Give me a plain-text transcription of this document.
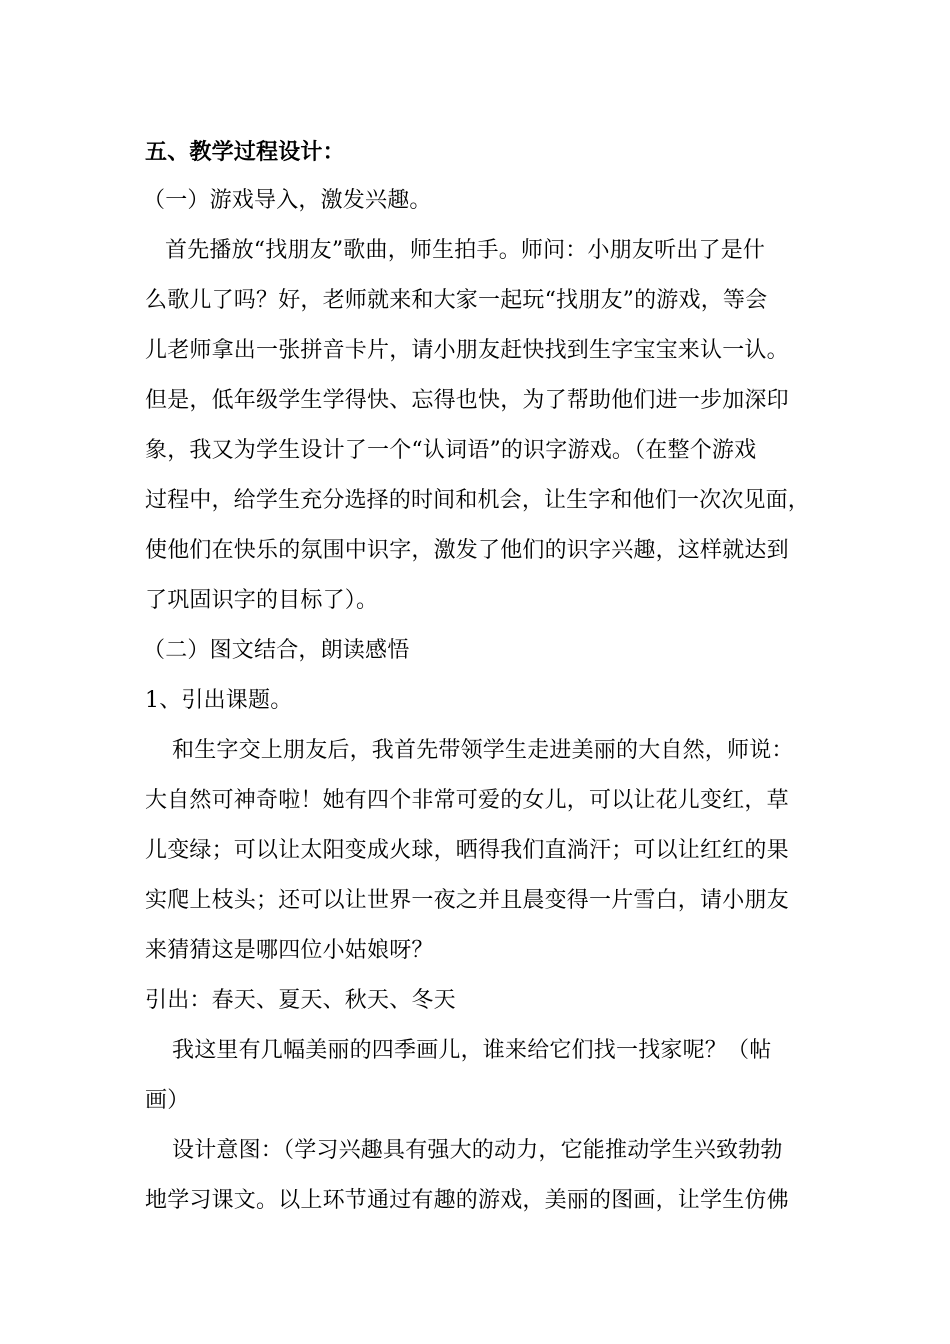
五、教学过程设计：
（一）游戏导入，激发兴趣。
首先播放“找朋友”歌曲，师生拍手。师问：小朋友听出了是什
么歌儿了吗？好，老师就来和大家一起玩“找朋友”的游戏，等会
儿老师拿出一张拼音卡片，请小朋友赶快找到生字宝宝来认一认。
但是，低年级学生学得快、忘得也快，为了帮助他们进一步加深印
象，我又为学生设计了一个“认词语”的识字游戏。（在整个游戏
过程中，给学生充分选择的时间和机会，让生字和他们一次次见面，
使他们在快乐的氛围中识字，激发了他们的识字兴趣，这样就达到
了巩固识字的目标了）。
（二）图文结合，朗读感悟
1、引出课题。
和生字交上朋友后，我首先带领学生走进美丽的大自然，师说：
大自然可神奇啦！她有四个非常可爱的女儿，可以让花儿变红，草
儿变绿；可以让太阳变成火球，晒得我们直淌汗；可以让红红的果
实爬上枝头；还可以让世界一夜之并且晨变得一片雪白，请小朋友
来猜猜这是哪四位小姑娘呀？
引出：春天、夏天、秋天、冬天
我这里有几幅美丽的四季画儿，谁来给它们找一找家呢？（帖
画）
设计意图：（学习兴趣具有强大的动力，它能推动学生兴致勃勃
地学习课文。以上环节通过有趣的游戏，美丽的图画，让学生仿佛
